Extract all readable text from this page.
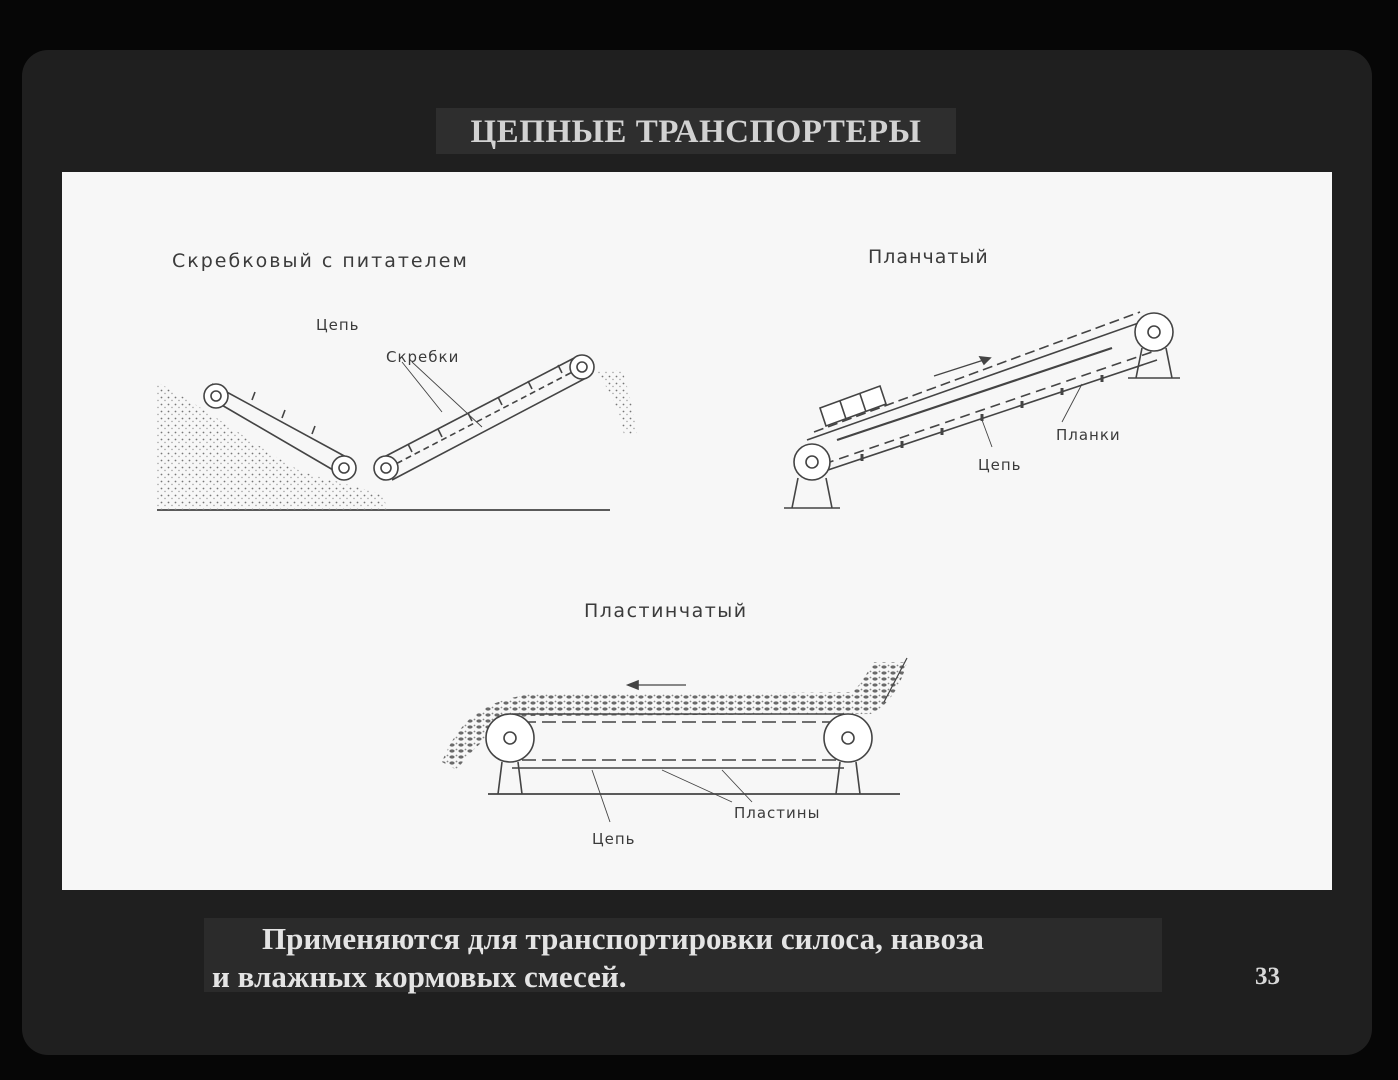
ЦЕПНЫЕ ТРАНСПОРТЕРЫ
Скребковый с питателем	Планчатый
Пластинчатый
Цепь
Скребки
Планки
Цепь
Пластины
Цепь
Применяются для транспортировки силоса, навоза
и влажных кормовых смесей.	33
